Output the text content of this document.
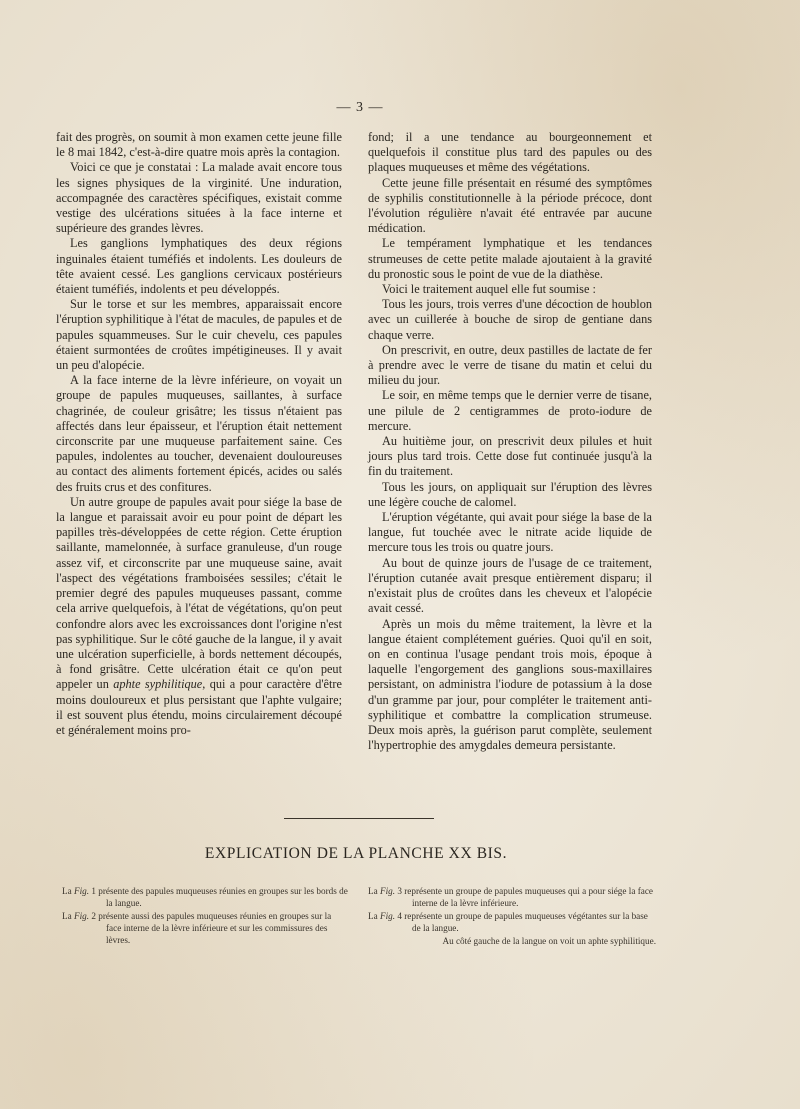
— 3 —

fait des progrès, on soumit à mon examen cette jeune fille le 8 mai 1842, c'est-à-dire quatre mois après la contagion.

Voici ce que je constatai : La malade avait encore tous les signes physiques de la virginité. Une induration, accompagnée des caractères spécifiques, existait comme vestige des ulcérations situées à la face interne et supérieure des grandes lèvres.

Les ganglions lymphatiques des deux régions inguinales étaient tuméfiés et indolents. Les douleurs de tête avaient cessé. Les ganglions cervicaux postérieurs étaient tuméfiés, indolents et peu développés.

Sur le torse et sur les membres, apparaissait encore l'éruption syphilitique à l'état de macules, de papules et de papules squammeuses. Sur le cuir chevelu, ces papules étaient surmontées de croûtes impétigineuses. Il y avait un peu d'alopécie.

A la face interne de la lèvre inférieure, on voyait un groupe de papules muqueuses, saillantes, à surface chagrinée, de couleur grisâtre; les tissus n'étaient pas affectés dans leur épaisseur, et l'éruption était nettement circonscrite par une muqueuse parfaitement saine. Ces papules, indolentes au toucher, devenaient douloureuses au contact des aliments fortement épicés, acides ou salés des fruits crus et des confitures.

Un autre groupe de papules avait pour siége la base de la langue et paraissait avoir eu pour point de départ les papilles très-développées de cette région. Cette éruption saillante, mamelonnée, à surface granuleuse, d'un rouge assez vif, et circonscrite par une muqueuse saine, avait l'aspect des végétations framboisées sessiles; c'était le premier degré des papules muqueuses passant, comme cela arrive quelquefois, à l'état de végétations, qu'on peut confondre alors avec les excroissances dont l'origine n'est pas syphilitique. Sur le côté gauche de la langue, il y avait une ulcération superficielle, à bords nettement découpés, à fond grisâtre. Cette ulcération était ce qu'on peut appeler un aphte syphilitique, qui a pour caractère d'être moins douloureux et plus persistant que l'aphte vulgaire; il est souvent plus étendu, moins circulairement découpé et généralement moins pro-

fond; il a une tendance au bourgeonnement et quelquefois il constitue plus tard des papules ou des plaques muqueuses et même des végétations.

Cette jeune fille présentait en résumé des symptômes de syphilis constitutionnelle à la période précoce, dont l'évolution régulière n'avait été entravée par aucune médication.

Le tempérament lymphatique et les tendances strumeuses de cette petite malade ajoutaient à la gravité du pronostic sous le point de vue de la diathèse.

Voici le traitement auquel elle fut soumise :

Tous les jours, trois verres d'une décoction de houblon avec un cuillerée à bouche de sirop de gentiane dans chaque verre.

On prescrivit, en outre, deux pastilles de lactate de fer à prendre avec le verre de tisane du matin et celui du milieu du jour.

Le soir, en même temps que le dernier verre de tisane, une pilule de 2 centigrammes de proto-iodure de mercure.

Au huitième jour, on prescrivit deux pilules et huit jours plus tard trois. Cette dose fut continuée jusqu'à la fin du traitement.

Tous les jours, on appliquait sur l'éruption des lèvres une légère couche de calomel.

L'éruption végétante, qui avait pour siége la base de la langue, fut touchée avec le nitrate acide liquide de mercure tous les trois ou quatre jours.

Au bout de quinze jours de l'usage de ce traitement, l'éruption cutanée avait presque entièrement disparu; il n'existait plus de croûtes dans les cheveux et l'alopécie avait cessé.

Après un mois du même traitement, la lèvre et la langue étaient complétement guéries. Quoi qu'il en soit, on en continua l'usage pendant trois mois, époque à laquelle l'engorgement des ganglions sous-maxillaires persistant, on administra l'iodure de potassium à la dose d'un gramme par jour, pour compléter le traitement anti-syphilitique et combattre la complication strumeuse. Deux mois après, la guérison parut complète, seulement l'hypertrophie des amygdales demeura persistante.

EXPLICATION DE LA PLANCHE XX BIS.

La Fig. 1 présente des papules muqueuses réunies en groupes sur les bords de la langue.

La Fig. 2 présente aussi des papules muqueuses réunies en groupes sur la face interne de la lèvre inférieure et sur les commissures des lèvres.

La Fig. 3 représente un groupe de papules muqueuses qui a pour siége la face interne de la lèvre inférieure.

La Fig. 4 représente un groupe de papules muqueuses végétantes sur la base de la langue.

Au côté gauche de la langue on voit un aphte syphilitique.
